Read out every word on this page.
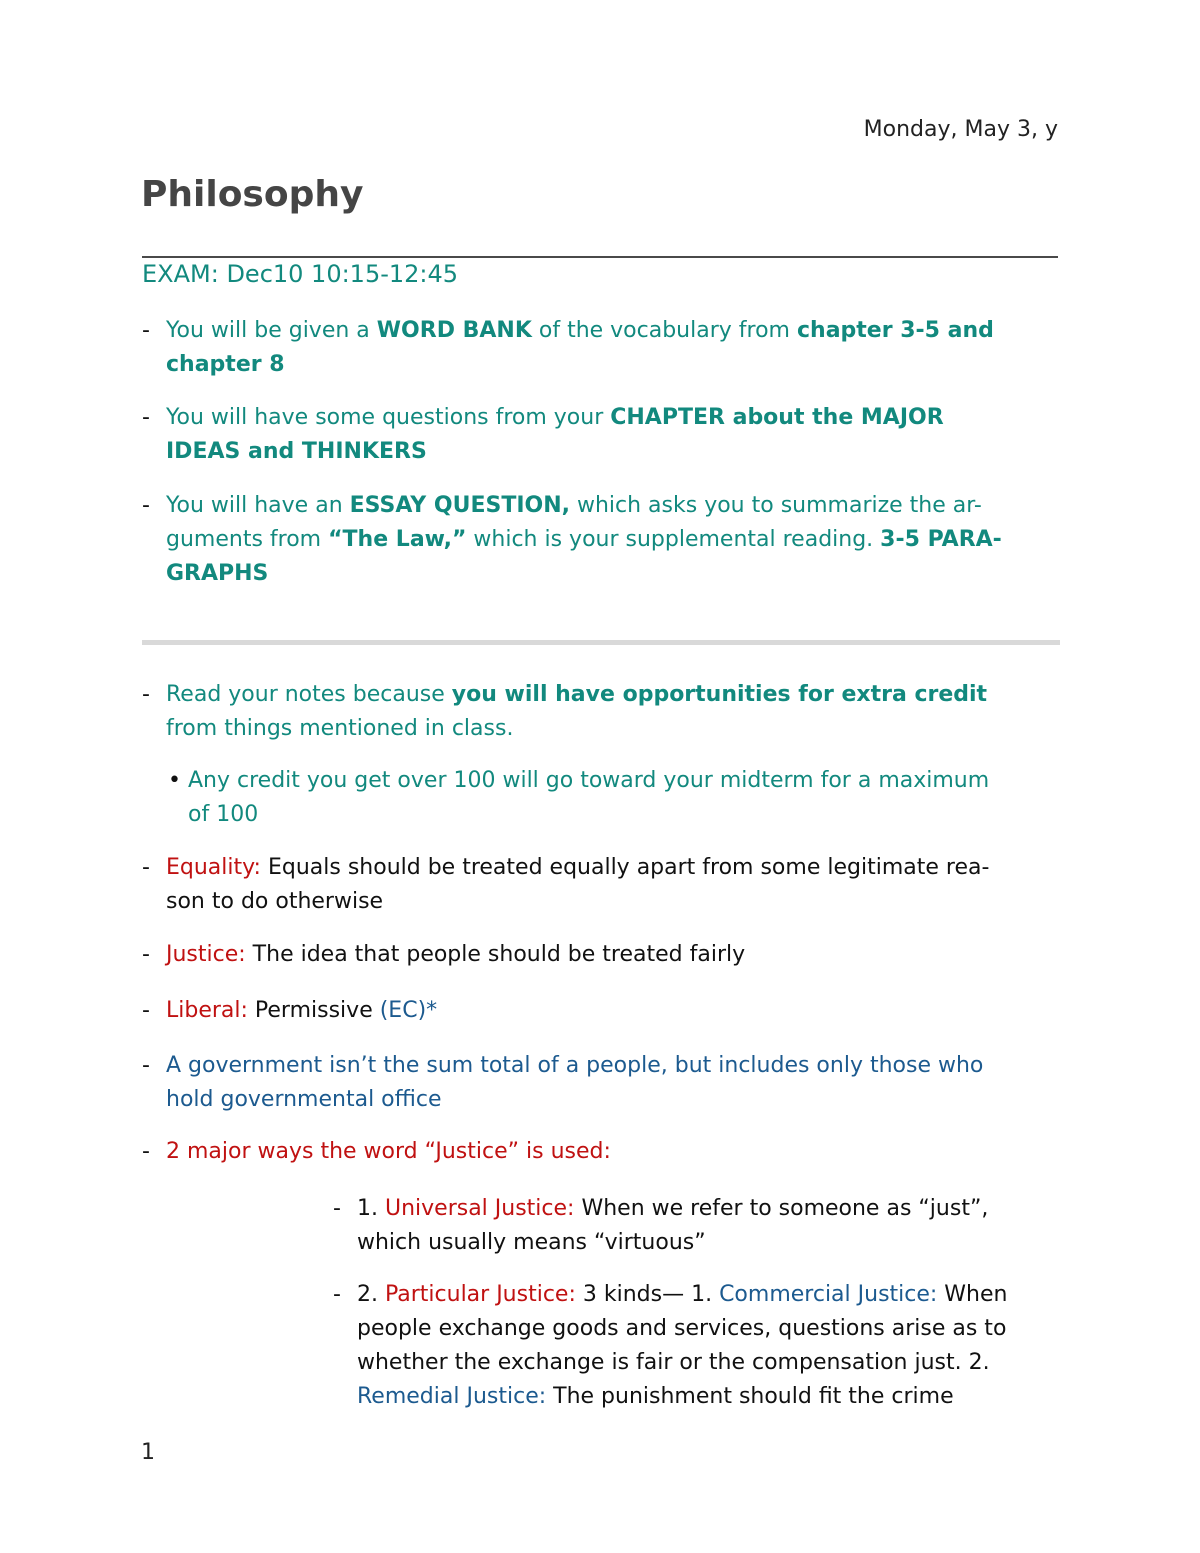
Monday, May 3, y
Philosophy
EXAM: Dec10 10:15-12:45
- You will be given a WORD BANK of the vocabulary from chapter 3-5 and
chapter 8
- You will have some questions from your CHAPTER about the MAJOR
IDEAS and THINKERS
- You will have an ESSAY QUESTION, which asks you to summarize the ar-
guments from “The Law,” which is your supplemental reading. 3-5 PARA-
GRAPHS
- Read your notes because you will have opportunities for extra credit
from things mentioned in class.
• Any credit you get over 100 will go toward your midterm for a maximum
of 100
- Equality: Equals should be treated equally apart from some legitimate rea-
son to do otherwise
- Justice: The idea that people should be treated fairly
- Liberal: Permissive (EC)*
- A government isn’t the sum total of a people, but includes only those who
hold governmental office
- 2 major ways the word “Justice” is used:
- 1. Universal Justice: When we refer to someone as “just”,
which usually means “virtuous”
- 2. Particular Justice: 3 kinds— 1. Commercial Justice: When
people exchange goods and services, questions arise as to
whether the exchange is fair or the compensation just. 2.
Remedial Justice: The punishment should fit the crime
1
